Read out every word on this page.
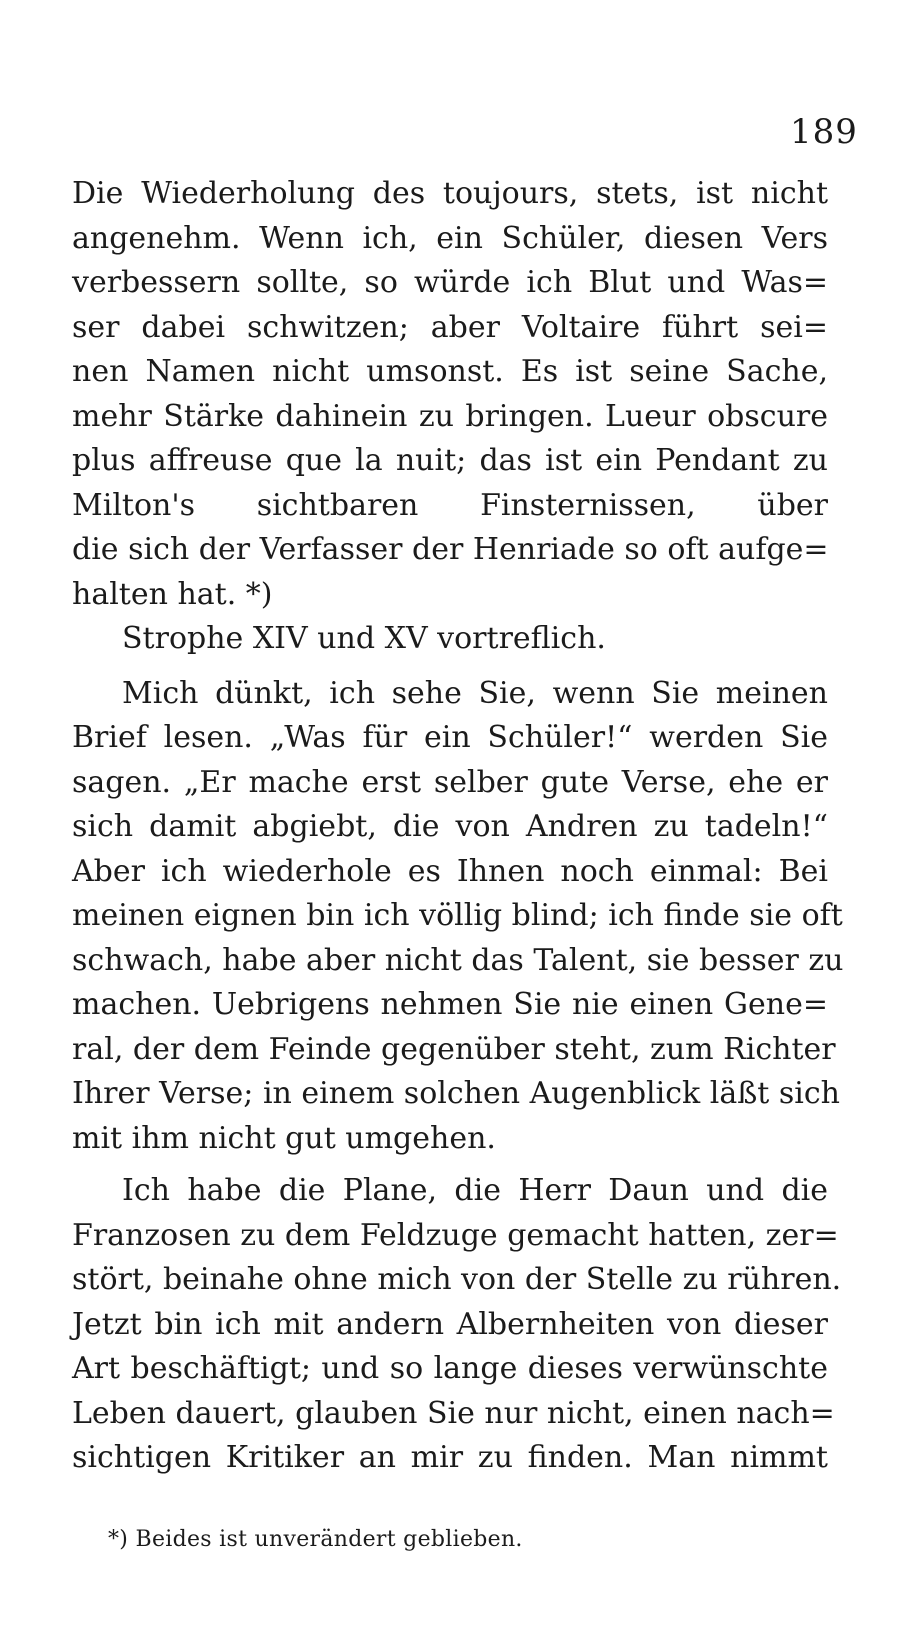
189
Die Wiederholung des toujours, stets, ist nicht
angenehm. Wenn ich, ein Schüler, diesen Vers
verbessern sollte, so würde ich Blut und Was=
ser dabei schwitzen; aber Voltaire führt sei=
nen Namen nicht umsonst. Es ist seine Sache,
mehr Stärke dahinein zu bringen. Lueur obscure
plus affreuse que la nuit; das ist ein Pendant zu
Milton's sichtbaren Finsternissen, über
die sich der Verfasser der Henriade so oft aufge=
halten hat. *)
Strophe XIV und XV vortreflich.
Mich dünkt, ich sehe Sie, wenn Sie meinen
Brief lesen. „Was für ein Schüler!“ werden Sie
sagen. „Er mache erst selber gute Verse, ehe er
sich damit abgiebt, die von Andren zu tadeln!“
Aber ich wiederhole es Ihnen noch einmal: Bei
meinen eignen bin ich völlig blind; ich finde sie oft
schwach, habe aber nicht das Talent, sie besser zu
machen. Uebrigens nehmen Sie nie einen Gene=
ral, der dem Feinde gegenüber steht, zum Richter
Ihrer Verse; in einem solchen Augenblick läßt sich
mit ihm nicht gut umgehen.
Ich habe die Plane, die Herr Daun und die
Franzosen zu dem Feldzuge gemacht hatten, zer=
stört, beinahe ohne mich von der Stelle zu rühren.
Jetzt bin ich mit andern Albernheiten von dieser
Art beschäftigt; und so lange dieses verwünschte
Leben dauert, glauben Sie nur nicht, einen nach=
sichtigen Kritiker an mir zu finden. Man nimmt
*) Beides ist unverändert geblieben.
